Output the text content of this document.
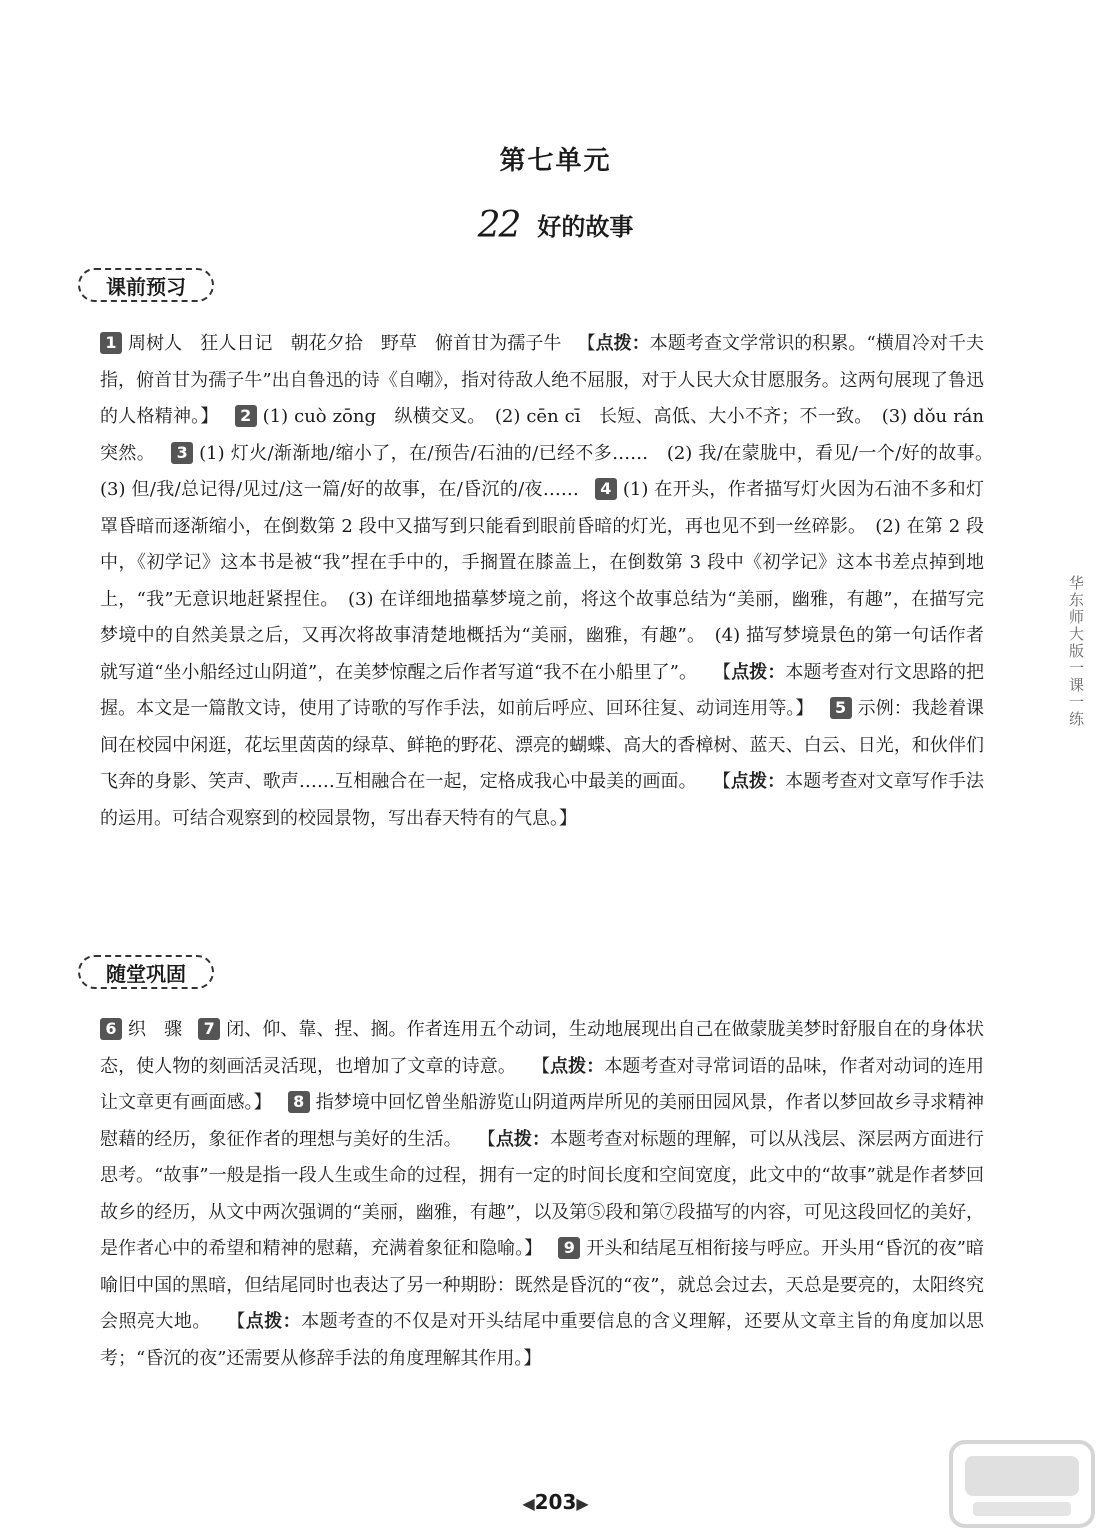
第七单元
22 好的故事
课前预习
1 周树人　狂人日记　朝花夕拾　野草　俯首甘为孺子牛 【点拨：本题考查文学常识的积累。“横眉冷对千夫指，俯首甘为孺子牛”出自鲁迅的诗《自嘲》，指对待敌人绝不屈服，对于人民大众甘愿服务。这两句展现了鲁迅的人格精神。】 2 (1) cuò zōng　纵横交叉。　(2) cēn cī　长短、高低、大小不齐；不一致。　(3) dǒu rán　突然。 3 (1) 灯火/渐渐地/缩小了，在/预告/石油的/已经不多……　(2) 我/在蒙胧中，看见/一个/好的故事。　(3) 但/我/总记得/见过/这一篇/好的故事，在/昏沉的/夜…… 4 (1) 在开头，作者描写灯火因为石油不多和灯罩昏暗而逐渐缩小，在倒数第 2 段中又描写到只能看到眼前昏暗的灯光，再也见不到一丝碎影。　(2) 在第 2 段中，《初学记》这本书是被“我”捏在手中的，手搁置在膝盖上，在倒数第 3 段中《初学记》这本书差点掉到地上，“我”无意识地赶紧捏住。　(3) 在详细地描摹梦境之前，将这个故事总结为“美丽，幽雅，有趣”，在描写完梦境中的自然美景之后，又再次将故事清楚地概括为“美丽，幽雅，有趣”。　(4) 描写梦境景色的第一句话作者就写道“坐小船经过山阴道”，在美梦惊醒之后作者写道“我不在小船里了”。 【点拨：本题考查对行文思路的把握。本文是一篇散文诗，使用了诗歌的写作手法，如前后呼应、回环往复、动词连用等。】 5 示例：我趁着课间在校园中闲逛，花坛里茵茵的绿草、鲜艳的野花、漂亮的蝴蝶、高大的香樟树、蓝天、白云、日光，和伙伴们飞奔的身影、笑声、歌声……互相融合在一起，定格成我心中最美的画面。 【点拨：本题考查对文章写作手法的运用。可结合观察到的校园景物，写出春天特有的气息。】
随堂巩固
6 织　骤 7 闭、仰、靠、捏、搁。作者连用五个动词，生动地展现出自己在做蒙胧美梦时舒服自在的身体状态，使人物的刻画活灵活现，也增加了文章的诗意。 【点拨：本题考查对寻常词语的品味，作者对动词的连用让文章更有画面感。】 8 指梦境中回忆曾坐船游览山阴道两岸所见的美丽田园风景，作者以梦回故乡寻求精神慰藉的经历，象征作者的理想与美好的生活。 【点拨：本题考查对标题的理解，可以从浅层、深层两方面进行思考。“故事”一般是指一段人生或生命的过程，拥有一定的时间长度和空间宽度，此文中的“故事”就是作者梦回故乡的经历，从文中两次强调的“美丽，幽雅，有趣”，以及第⑤段和第⑦段描写的内容，可见这段回忆的美好，是作者心中的希望和精神的慰藉，充满着象征和隐喻。】 9 开头和结尾互相衔接与呼应。开头用“昏沉的夜”暗喻旧中国的黑暗，但结尾同时也表达了另一种期盼：既然是昏沉的“夜”，就总会过去，天总是要亮的，太阳终究会照亮大地。 【点拨：本题考查的不仅是对开头结尾中重要信息的含义理解，还要从文章主旨的角度加以思考；“昏沉的夜”还需要从修辞手法的角度理解其作用。】
华东师大版一课一练
◀203▶
